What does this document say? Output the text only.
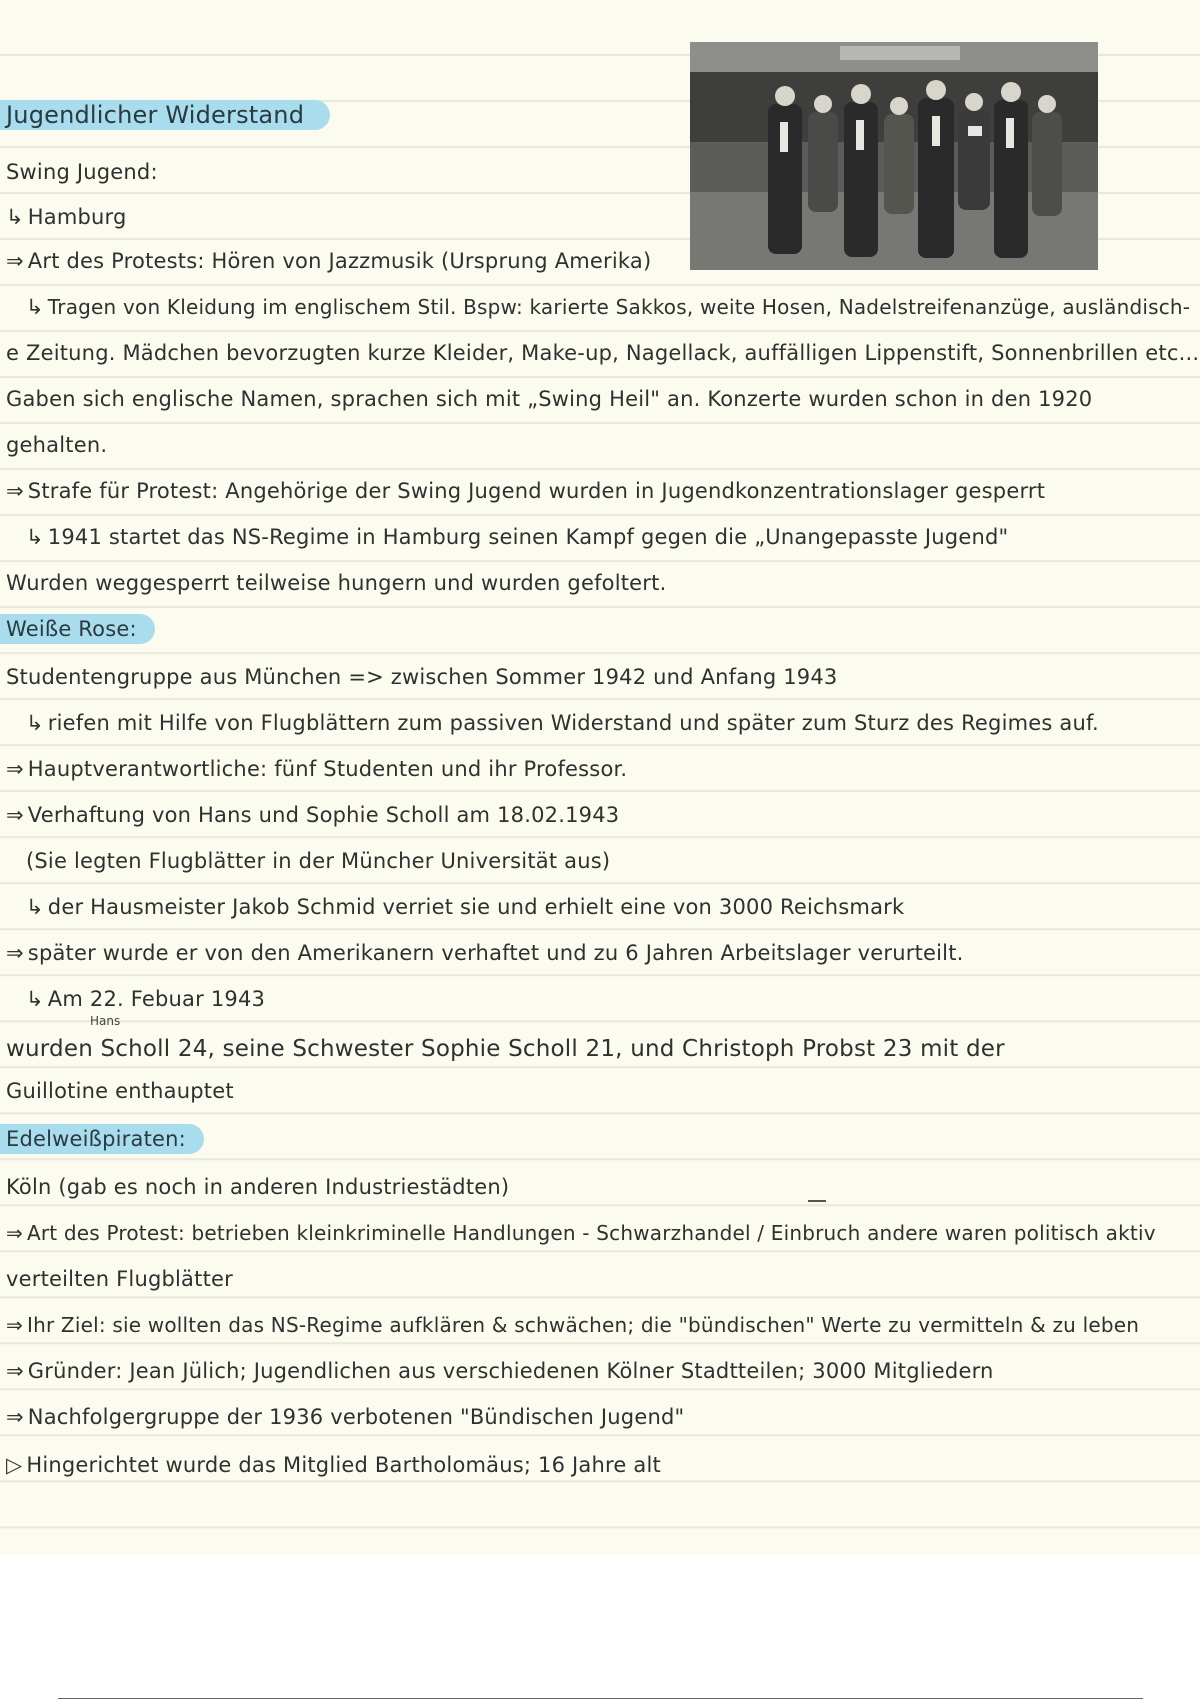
Jugendlicher Widerstand
Swing Jugend:
↳ Hamburg
⇒ Art des Protests: Hören von Jazzmusik (Ursprung Amerika)
↳ Tragen von Kleidung im englischem Stil. Bspw: karierte Sakkos, weite Hosen, Nadelstreifenanzüge, ausländisch-
e Zeitung. Mädchen bevorzugten kurze Kleider, Make-up, Nagellack, auffälligen Lippenstift, Sonnenbrillen etc...
Gaben sich englische Namen, sprachen sich mit „Swing Heil" an. Konzerte wurden schon in den 1920
gehalten.
⇒ Strafe für Protest: Angehörige der Swing Jugend wurden in Jugendkonzentrationslager gesperrt
↳ 1941 startet das NS-Regime in Hamburg seinen Kampf gegen die „Unangepasste Jugend"
Wurden weggesperrt teilweise hungern und wurden gefoltert.
Weiße Rose:
Studentengruppe aus München => zwischen Sommer 1942 und Anfang 1943
↳ riefen mit Hilfe von Flugblättern zum passiven Widerstand und später zum Sturz des Regimes auf.
⇒ Hauptverantwortliche: fünf Studenten und ihr Professor.
⇒ Verhaftung von Hans und Sophie Scholl am 18.02.1943
(Sie legten Flugblätter in der Müncher Universität aus)
↳ der Hausmeister Jakob Schmid verriet sie und erhielt eine von 3000 Reichsmark
⇒ später wurde er von den Amerikanern verhaftet und zu 6 Jahren Arbeitslager verurteilt.
↳ Am 22. Febuar 1943
Hans
wurden Scholl 24, seine Schwester Sophie Scholl 21, und Christoph Probst 23 mit der
Guillotine enthauptet
Edelweißpiraten:
Köln (gab es noch in anderen Industriestädten)
⇒ Art des Protest: betrieben kleinkriminelle Handlungen - Schwarzhandel / Einbruch andere waren politisch aktiv
verteilten Flugblätter
⇒ Ihr Ziel: sie wollten das NS-Regime aufklären & schwächen; die "bündischen" Werte zu vermitteln & zu leben
⇒ Gründer: Jean Jülich; Jugendlichen aus verschiedenen Kölner Stadtteilen; 3000 Mitgliedern
⇒ Nachfolgergruppe der 1936 verbotenen "Bündischen Jugend"
▷ Hingerichtet wurde das Mitglied Bartholomäus; 16 Jahre alt
